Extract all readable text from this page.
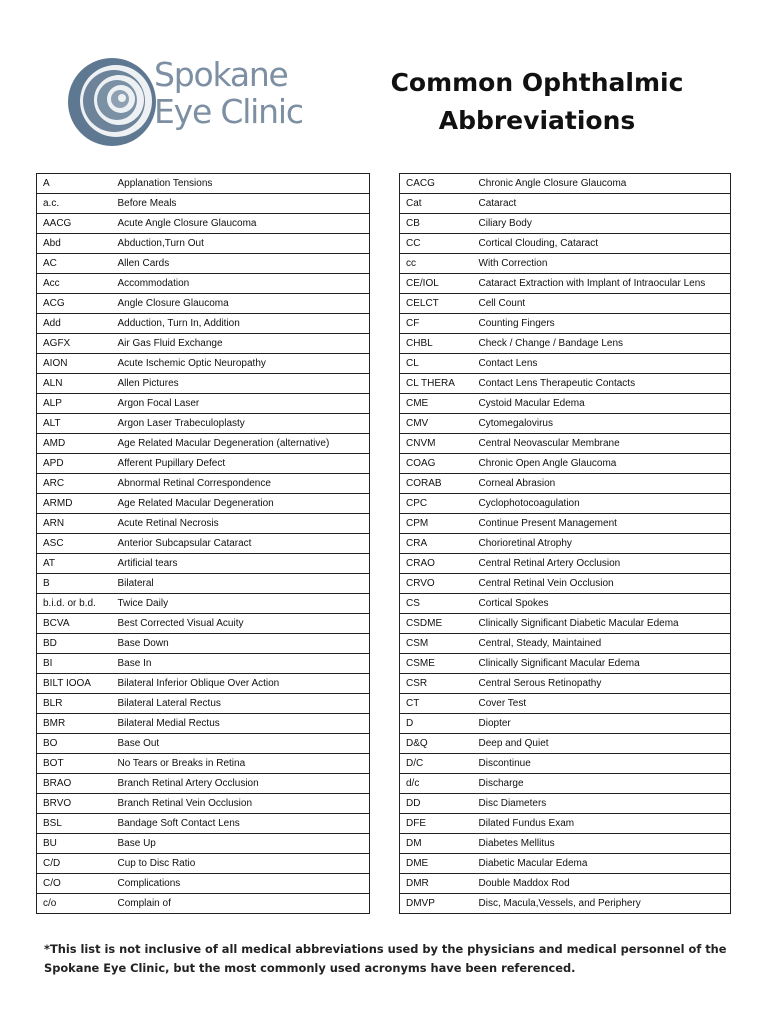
Spokane
Eye Clinic
Common Ophthalmic
Abbreviations
A	Applanation Tensions
a.c.	Before Meals
AACG	Acute Angle Closure Glaucoma
Abd	Abduction,Turn Out
AC	Allen Cards
Acc	Accommodation
ACG	Angle Closure Glaucoma
Add	Adduction, Turn In, Addition
AGFX	Air Gas Fluid Exchange
AION	Acute Ischemic Optic Neuropathy
ALN	Allen Pictures
ALP	Argon Focal Laser
ALT	Argon Laser Trabeculoplasty
AMD	Age Related Macular Degeneration (alternative)
APD	Afferent Pupillary Defect
ARC	Abnormal Retinal Correspondence
ARMD	Age Related Macular Degeneration
ARN	Acute Retinal Necrosis
ASC	Anterior Subcapsular Cataract
AT	Artificial tears
B	Bilateral
b.i.d. or b.d.	Twice Daily
BCVA	Best Corrected Visual Acuity
BD	Base Down
BI	Base In
BILT IOOA	Bilateral Inferior Oblique Over Action
BLR	Bilateral Lateral Rectus
BMR	Bilateral Medial Rectus
BO	Base Out
BOT	No Tears or Breaks in Retina
BRAO	Branch Retinal Artery Occlusion
BRVO	Branch Retinal Vein Occlusion
BSL	Bandage Soft Contact Lens
BU	Base Up
C/D	Cup to Disc Ratio
C/O	Complications
c/o	Complain of
CACG	Chronic Angle Closure Glaucoma
Cat	Cataract
CB	Ciliary Body
CC	Cortical Clouding, Cataract
cc	With Correction
CE/IOL	Cataract Extraction with Implant of Intraocular Lens
CELCT	Cell Count
CF	Counting Fingers
CHBL	Check / Change / Bandage Lens
CL	Contact Lens
CL THERA	Contact Lens Therapeutic Contacts
CME	Cystoid Macular Edema
CMV	Cytomegalovirus
CNVM	Central Neovascular Membrane
COAG	Chronic Open Angle Glaucoma
CORAB	Corneal Abrasion
CPC	Cyclophotocoagulation
CPM	Continue Present Management
CRA	Chorioretinal Atrophy
CRAO	Central Retinal Artery Occlusion
CRVO	Central Retinal Vein Occlusion
CS	Cortical Spokes
CSDME	Clinically Significant Diabetic Macular Edema
CSM	Central, Steady, Maintained
CSME	Clinically Significant Macular Edema
CSR	Central Serous Retinopathy
CT	Cover Test
D	Diopter
D&Q	Deep and Quiet
D/C	Discontinue
d/c	Discharge
DD	Disc Diameters
DFE	Dilated Fundus Exam
DM	Diabetes Mellitus
DME	Diabetic Macular Edema
DMR	Double Maddox Rod
DMVP	Disc, Macula,Vessels, and Periphery
*This list is not inclusive of all medical abbreviations used by the physicians and medical personnel of the Spokane Eye Clinic, but the most commonly used acronyms have been referenced.
